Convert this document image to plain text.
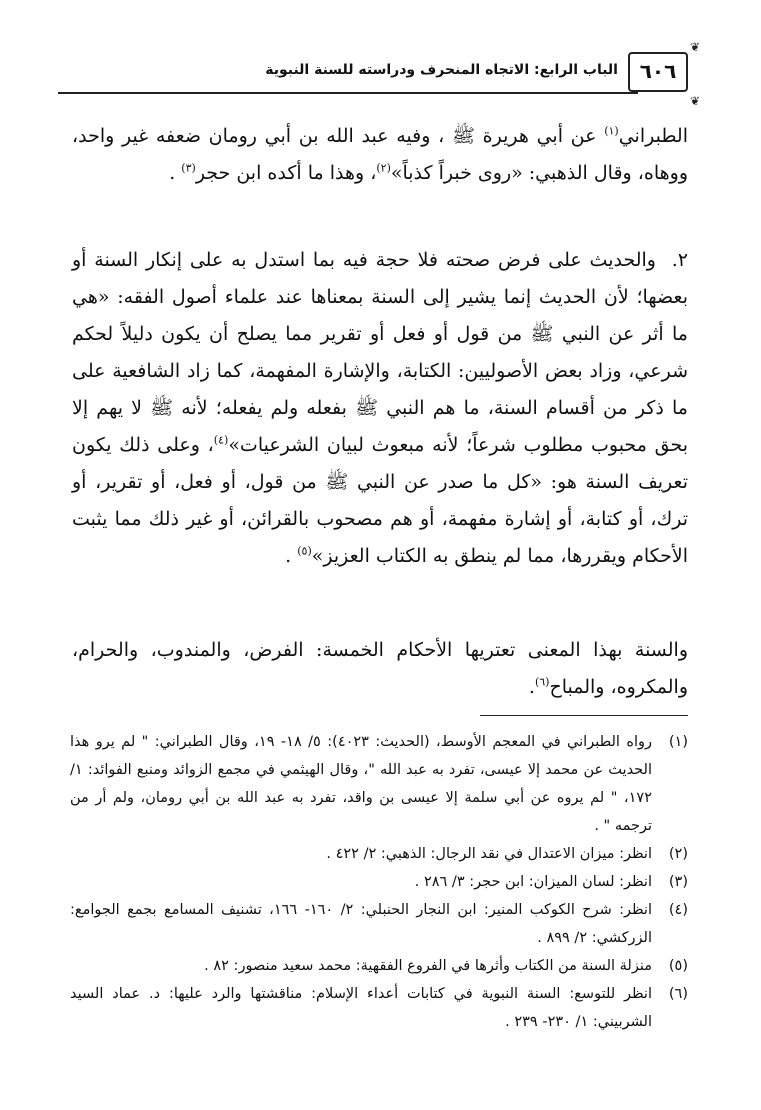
❦
❦
٦٠٦
الباب الرابع: الاتجاه المنحرف ودراسته للسنة النبوية
الطبراني$^{(١)}$ عن أبي هريرة ﷺ ، وفيه عبد الله بن أبي رومان ضعفه غير واحد، ووهاه، وقال الذهبي: «روى خبراً كذباً»$^{(٢)}$، وهذا ما أكده ابن حجر$^{(٣)}$ .
٢.والحديث على فرض صحته فلا حجة فيه بما استدل به على إنكار السنة أو بعضها؛ لأن الحديث إنما يشير إلى السنة بمعناها عند علماء أصول الفقه: «هي ما أثر عن النبي ﷺ من قول أو فعل أو تقرير مما يصلح أن يكون دليلاً لحكم شرعي، وزاد بعض الأصوليين: الكتابة، والإشارة المفهمة، كما زاد الشافعية على ما ذكر من أقسام السنة، ما هم النبي ﷺ بفعله ولم يفعله؛ لأنه ﷺ لا يهم إلا بحق محبوب مطلوب شرعاً؛ لأنه مبعوث لبيان الشرعيات»$^{(٤)}$، وعلى ذلك يكون تعريف السنة هو: «كل ما صدر عن النبي ﷺ من قول، أو فعل، أو تقرير، أو ترك، أو كتابة، أو إشارة مفهمة، أو هم مصحوب بالقرائن، أو غير ذلك مما يثبت الأحكام ويقررها، مما لم ينطق به الكتاب العزيز»$^{(٥)}$ .
والسنة بهذا المعنى تعتريها الأحكام الخمسة: الفرض، والمندوب، والحرام، والمكروه، والمباح$^{(٦)}$.
(١)
رواه الطبراني في المعجم الأوسط، (الحديث: ٤٠٢٣): ٥/ ١٨- ١٩، وقال الطبراني: " لم يرو هذا الحديث عن محمد إلا عيسى، تفرد به عبد الله "، وقال الهيثمي في مجمع الزوائد ومنبع الفوائد: ١/ ١٧٢، " لم يروه عن أبي سلمة إلا عيسى بن واقد، تفرد به عبد الله بن أبي رومان، ولم أر من ترجمه " .
(٢)
انظر: ميزان الاعتدال في نقد الرجال: الذهبي: ٢/ ٤٢٢ .
(٣)
انظر: لسان الميزان: ابن حجر: ٣/ ٢٨٦ .
(٤)
انظر: شرح الكوكب المنير: ابن النجار الحنبلي: ٢/ ١٦٠- ١٦٦، تشنيف المسامع بجمع الجوامع: الزركشي: ٢/ ٨٩٩ .
(٥)
منزلة السنة من الكتاب وأثرها في الفروع الفقهية: محمد سعيد منصور: ٨٢ .
(٦)
انظر للتوسع: السنة النبوية في كتابات أعداء الإسلام: مناقشتها والرد عليها: د. عماد السيد الشربيني: ١/ ٢٣٠- ٢٣٩ .
